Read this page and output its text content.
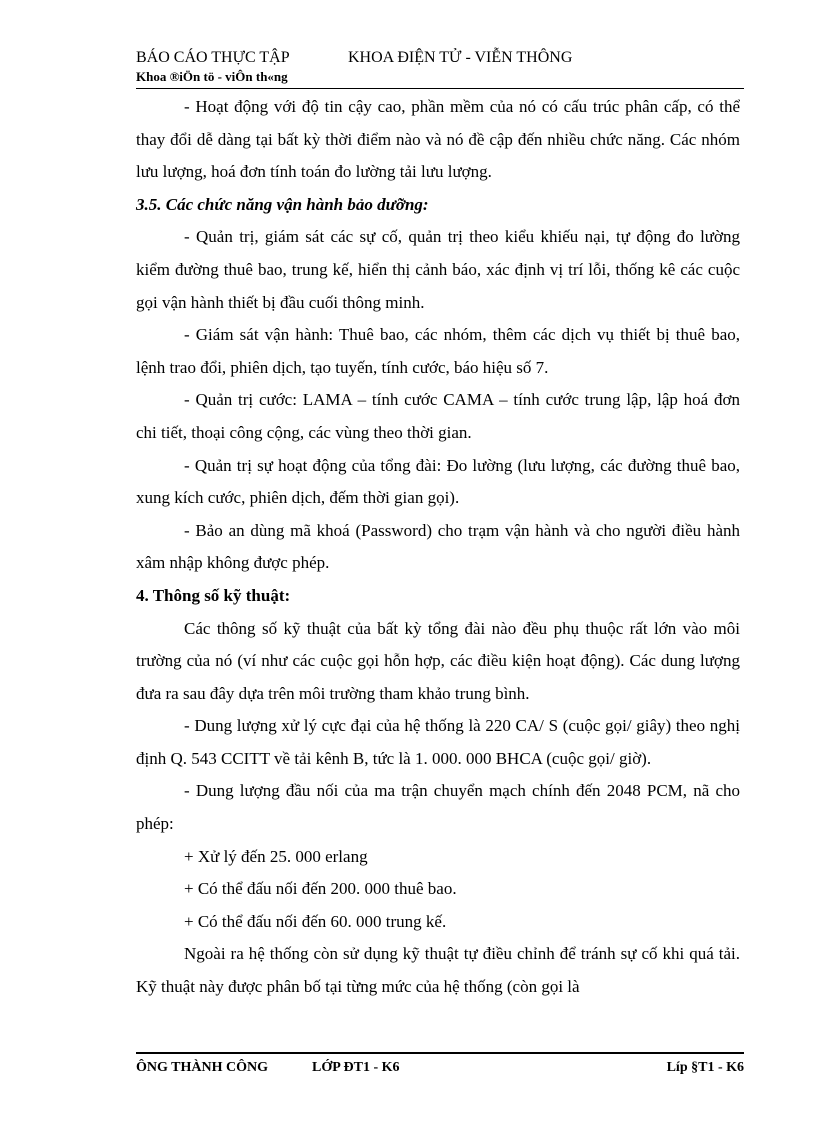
BÁO CÁO THỰC TẬP	KHOA ĐIỆN TỬ - VIỄN THÔNG
Khoa ®iÖn tö - viÔn th«ng

- Hoạt động với độ tin cậy cao, phần mềm của nó có cấu trúc phân cấp, có thể thay đổi dễ dàng tại bất kỳ thời điểm nào và nó đề cập đến nhiều chức năng. Các nhóm lưu lượng, hoá đơn tính toán đo lường tải lưu lượng.

3.5. Các chức năng vận hành bảo dưỡng:

- Quản trị, giám sát các sự cố, quản trị theo kiểu khiếu nại, tự động đo lường kiểm đường thuê bao, trung kế, hiển thị cảnh báo, xác định vị trí lỗi, thống kê các cuộc gọi vận hành thiết bị đầu cuối thông minh.

- Giám sát vận hành: Thuê bao, các nhóm, thêm các dịch vụ thiết bị thuê bao, lệnh trao đổi, phiên dịch, tạo tuyến, tính cước, báo hiệu số 7.

- Quản trị cước: LAMA – tính cước CAMA – tính cước trung lập, lập hoá đơn chi tiết, thoại công cộng, các vùng theo thời gian.

- Quản trị sự hoạt động của tổng đài: Đo lường (lưu lượng, các đường thuê bao, xung kích cước, phiên dịch, đếm thời gian gọi).

- Bảo an dùng mã khoá (Password) cho trạm vận hành và cho người điều hành xâm nhập không được phép.

4. Thông số kỹ thuật:

Các thông số kỹ thuật của bất kỳ tổng đài nào đều phụ thuộc rất lớn vào môi trường của nó (ví như các cuộc gọi hỗn hợp, các điều kiện hoạt động). Các dung lượng đưa ra sau đây dựa trên môi trường tham khảo trung bình.

- Dung lượng xử lý cực đại của hệ thống là 220 CA/ S (cuộc gọi/ giây) theo nghị định Q. 543 CCITT về tải kênh B, tức là 1. 000. 000 BHCA (cuộc gọi/ giờ).

- Dung lượng đầu nối của ma trận chuyển mạch chính đến 2048 PCM, nã cho phép:

+ Xử lý đến 25. 000 erlang

+ Có thể đấu nối đến 200. 000 thuê bao.

+ Có thể đấu nối đến 60. 000 trung kế.

Ngoài ra hệ thống còn sử dụng kỹ thuật tự điều chỉnh để tránh sự cố khi quá tải. Kỹ thuật này được phân bố tại từng mức của hệ thống (còn gọi là

ÔNG THÀNH CÔNG	LỚP ĐT1 - K6	Líp §T1 - K6
